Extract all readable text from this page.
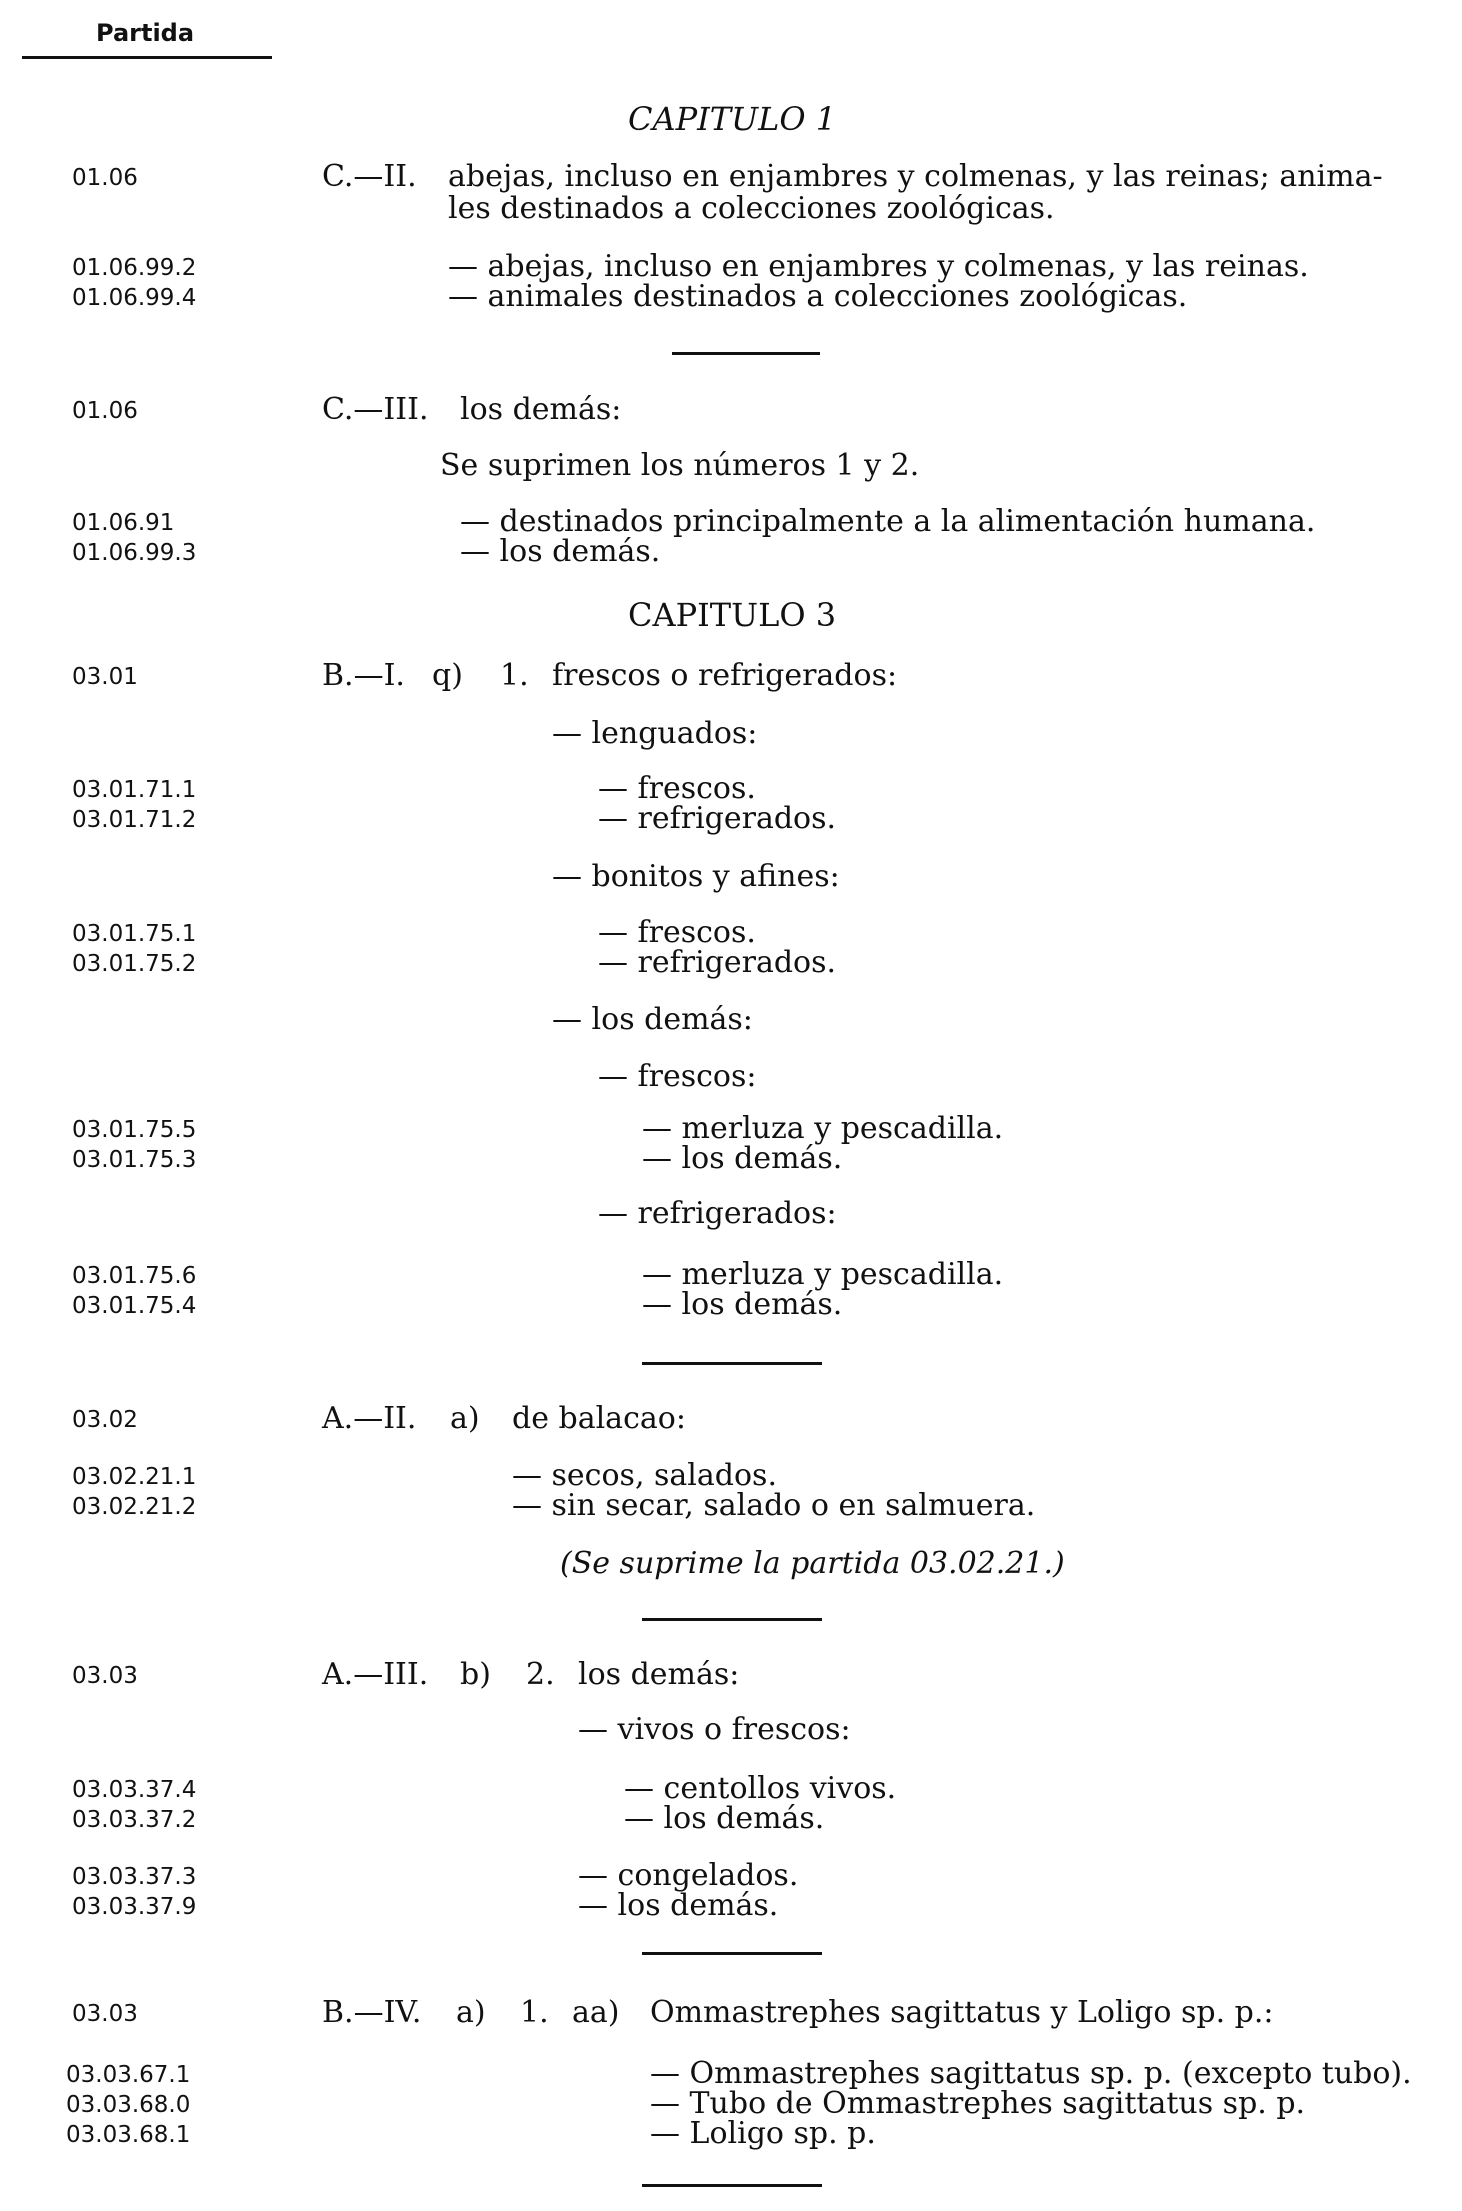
Partida
CAPITULO 1
01.06	C.—II. abejas, incluso en enjambres y colmenas, y las reinas; anima-
les destinados a colecciones zoológicas.
01.06.99.2	— abejas, incluso en enjambres y colmenas, y las reinas.
01.06.99.4	— animales destinados a colecciones zoológicas.
01.06	C.—III. los demás:
Se suprimen los números 1 y 2.
01.06.91	— destinados principalmente a la alimentación humana.
01.06.99.3	— los demás.
CAPITULO 3
03.01	B.—I. q) 1. frescos o refrigerados:
— lenguados:
03.01.71.1	— frescos.
03.01.71.2	— refrigerados.
— bonitos y afines:
03.01.75.1	— frescos.
03.01.75.2	— refrigerados.
— los demás:
— frescos:
03.01.75.5	— merluza y pescadilla.
03.01.75.3	— los demás.
— refrigerados:
03.01.75.6	— merluza y pescadilla.
03.01.75.4	— los demás.
03.02	A.—II. a) de balacao:
03.02.21.1	— secos, salados.
03.02.21.2	— sin secar, salado o en salmuera.
(Se suprime la partida 03.02.21.)
03.03	A.—III. b) 2. los demás:
— vivos o frescos:
03.03.37.4	— centollos vivos.
03.03.37.2	— los demás.
03.03.37.3	— congelados.
03.03.37.9	— los demás.
03.03	B.—IV. a) 1. aa) Ommastrephes sagittatus y Loligo sp. p.:
03.03.67.1	— Ommastrephes sagittatus sp. p. (excepto tubo).
03.03.68.0	— Tubo de Ommastrephes sagittatus sp. p.
03.03.68.1	— Loligo sp. p.
